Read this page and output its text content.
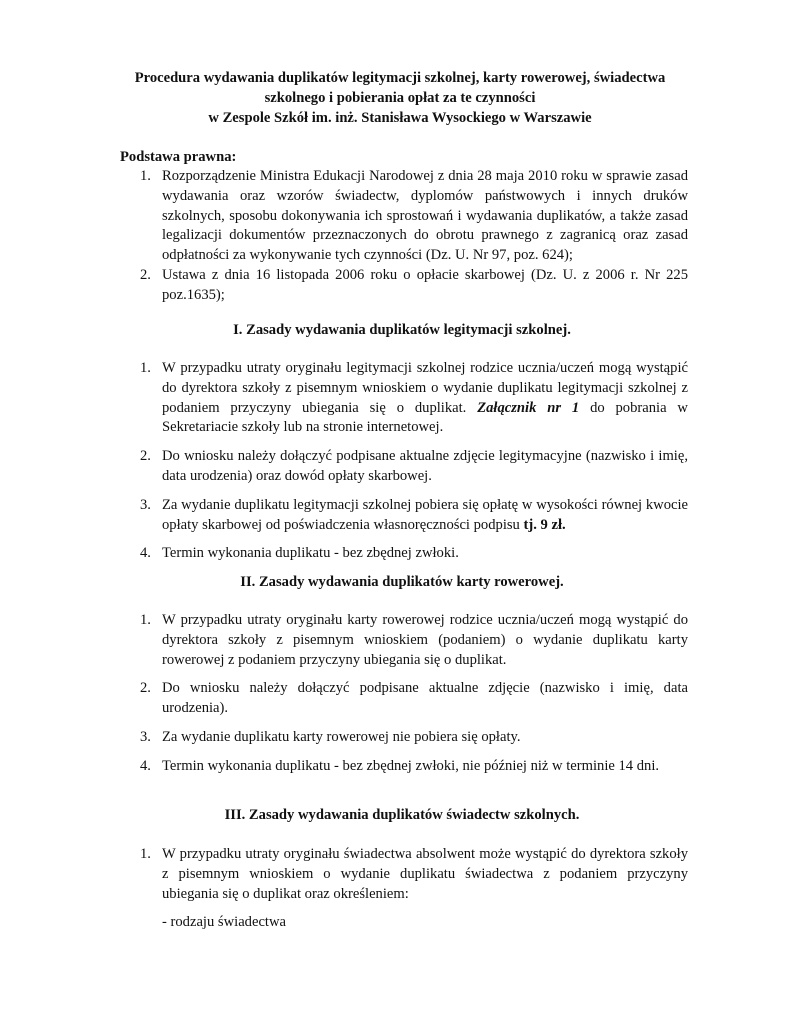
Procedura wydawania duplikatów legitymacji szkolnej, karty rowerowej, świadectwa
szkolnego i pobierania opłat za te czynności
w Zespole Szkół im. inż. Stanisława Wysockiego w Warszawie
Podstawa prawna:
1. Rozporządzenie Ministra Edukacji Narodowej z dnia 28 maja 2010 roku w sprawie zasad wydawania oraz wzorów świadectw, dyplomów państwowych i innych druków szkolnych, sposobu dokonywania ich sprostowań i wydawania duplikatów, a także zasad legalizacji dokumentów przeznaczonych do obrotu prawnego z zagranicą oraz zasad odpłatności za wykonywanie tych czynności (Dz. U. Nr 97, poz. 624);
2. Ustawa z dnia 16 listopada 2006 roku o opłacie skarbowej (Dz. U. z 2006 r. Nr 225 poz.1635);
I. Zasady wydawania duplikatów legitymacji szkolnej.
1. W przypadku utraty oryginału legitymacji szkolnej rodzice ucznia/uczeń mogą wystąpić do dyrektora szkoły z pisemnym wnioskiem o wydanie duplikatu legitymacji szkolnej z podaniem przyczyny ubiegania się o duplikat. Załącznik nr 1 do pobrania w Sekretariacie szkoły lub na stronie internetowej.
2. Do wniosku należy dołączyć podpisane aktualne zdjęcie legitymacyjne (nazwisko i imię, data urodzenia) oraz dowód opłaty skarbowej.
3. Za wydanie duplikatu legitymacji szkolnej pobiera się opłatę w wysokości równej kwocie opłaty skarbowej od poświadczenia własnoręczności podpisu tj. 9 zł.
4. Termin wykonania duplikatu - bez zbędnej zwłoki.
II. Zasady wydawania duplikatów karty rowerowej.
1. W przypadku utraty oryginału karty rowerowej rodzice ucznia/uczeń mogą wystąpić do dyrektora szkoły z pisemnym wnioskiem (podaniem) o wydanie duplikatu karty rowerowej z podaniem przyczyny ubiegania się o duplikat.
2. Do wniosku należy dołączyć podpisane aktualne zdjęcie (nazwisko i imię, data urodzenia).
3. Za wydanie duplikatu karty rowerowej nie pobiera się opłaty.
4. Termin wykonania duplikatu - bez zbędnej zwłoki, nie później niż w terminie 14 dni.
III. Zasady wydawania duplikatów świadectw szkolnych.
1. W przypadku utraty oryginału świadectwa absolwent może wystąpić do dyrektora szkoły z pisemnym wnioskiem o wydanie duplikatu świadectwa z podaniem przyczyny ubiegania się o duplikat oraz określeniem:
- rodzaju świadectwa
